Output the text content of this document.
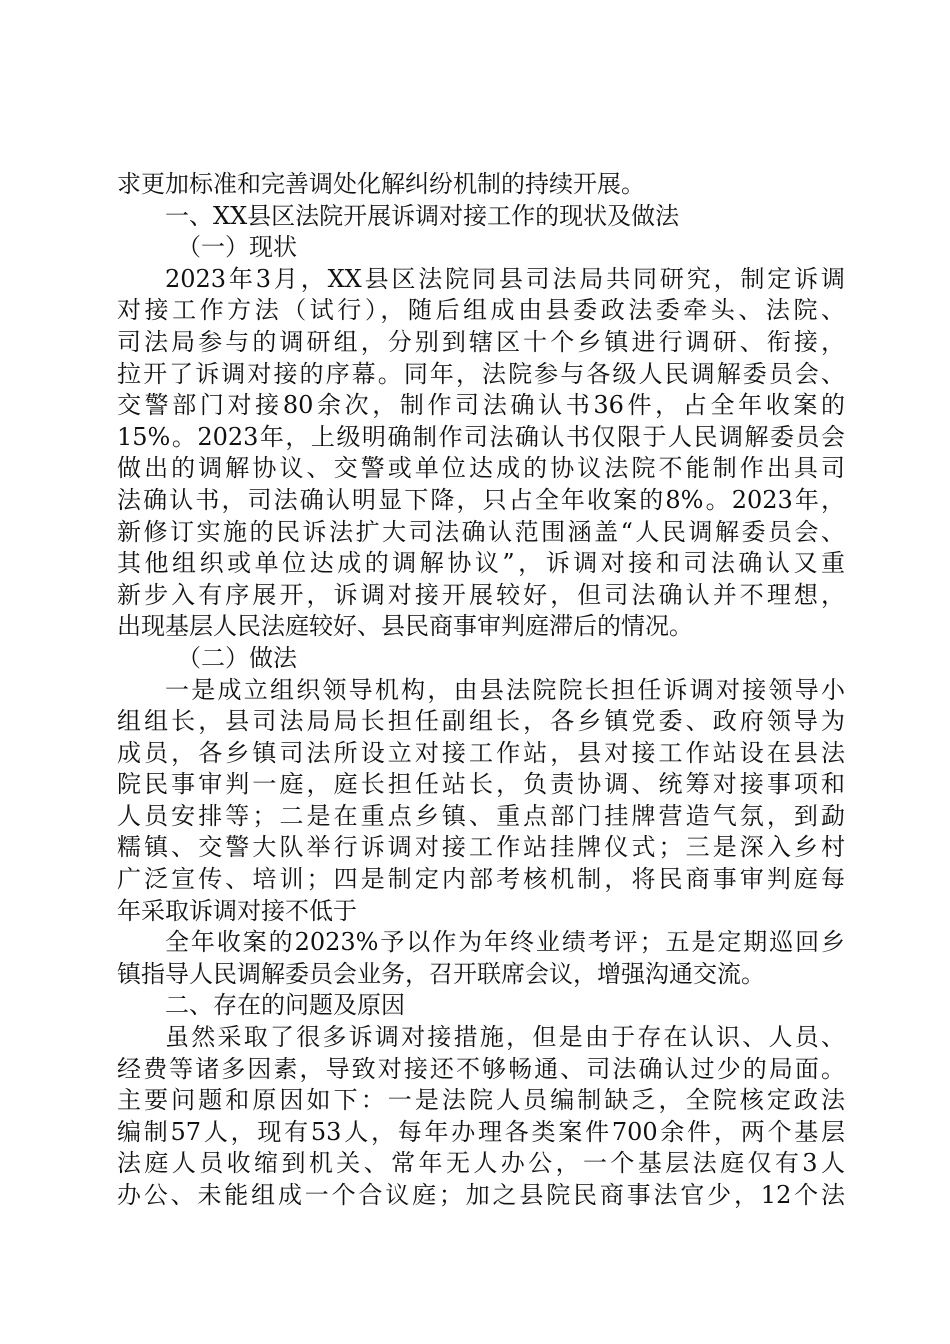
求更加标准和完善调处化解纠纷机制的持续开展。
一、XX县区法院开展诉调对接工作的现状及做法
（一）现状
2023年3月，XX县区法院同县司法局共同研究，制定诉调
对接工作方法（试行），随后组成由县委政法委牵头、法院、
司法局参与的调研组，分别到辖区十个乡镇进行调研、衔接，
拉开了诉调对接的序幕。同年，法院参与各级人民调解委员会、
交警部门对接80余次，制作司法确认书36件，占全年收案的
15%。2023年，上级明确制作司法确认书仅限于人民调解委员会
做出的调解协议、交警或单位达成的协议法院不能制作出具司
法确认书，司法确认明显下降，只占全年收案的8%。2023年，
新修订实施的民诉法扩大司法确认范围涵盖“人民调解委员会、
其他组织或单位达成的调解协议”，诉调对接和司法确认又重
新步入有序展开，诉调对接开展较好，但司法确认并不理想，
出现基层人民法庭较好、县民商事审判庭滞后的情况。
（二）做法
一是成立组织领导机构，由县法院院长担任诉调对接领导小
组组长，县司法局局长担任副组长，各乡镇党委、政府领导为
成员，各乡镇司法所设立对接工作站，县对接工作站设在县法
院民事审判一庭，庭长担任站长，负责协调、统筹对接事项和
人员安排等；二是在重点乡镇、重点部门挂牌营造气氛，到勐
糯镇、交警大队举行诉调对接工作站挂牌仪式；三是深入乡村
广泛宣传、培训；四是制定内部考核机制，将民商事审判庭每
年采取诉调对接不低于
全年收案的2023%予以作为年终业绩考评；五是定期巡回乡
镇指导人民调解委员会业务，召开联席会议，增强沟通交流。
二、存在的问题及原因
虽然采取了很多诉调对接措施，但是由于存在认识、人员、
经费等诸多因素，导致对接还不够畅通、司法确认过少的局面。
主要问题和原因如下：一是法院人员编制缺乏，全院核定政法
编制57人，现有53人，每年办理各类案件700余件，两个基层
法庭人员收缩到机关、常年无人办公，一个基层法庭仅有3人
办公、未能组成一个合议庭；加之县院民商事法官少，12个法
